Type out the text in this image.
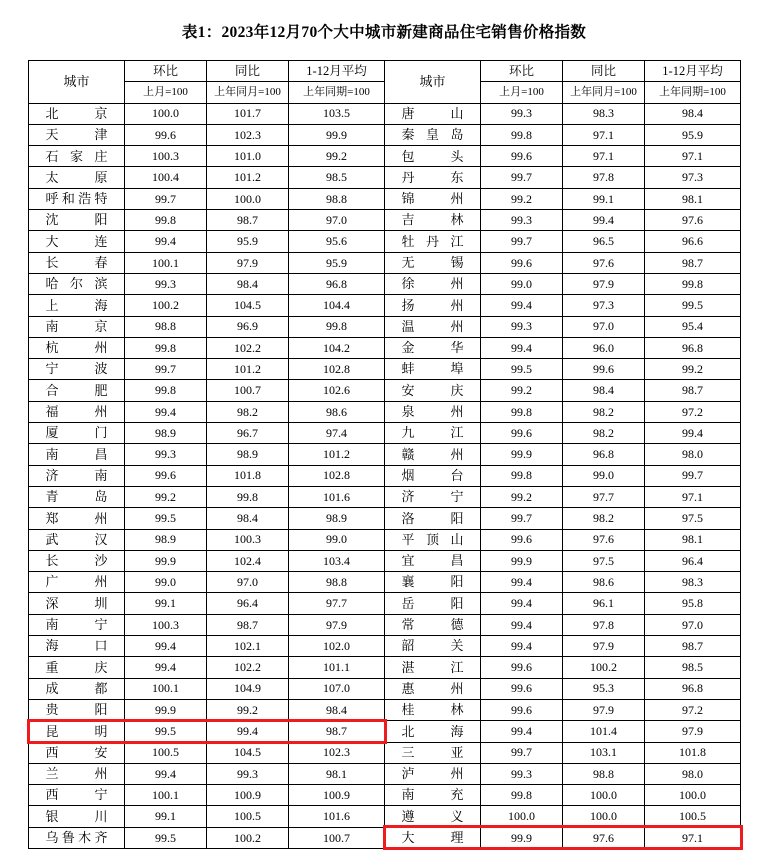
表1：2023年12月70个大中城市新建商品住宅销售价格指数
城市	环比	同比	1-12月平均	城市	环比	同比	1-12月平均
	上月=100	上年同月=100	上年同期=100		上月=100	上年同月=100	上年同期=100
北京	100.0	101.7	103.5	唐山	99.3	98.3	98.4
天津	99.6	102.3	99.9	秦皇岛	99.8	97.1	95.9
石家庄	100.3	101.0	99.2	包头	99.6	97.1	97.1
太原	100.4	101.2	98.5	丹东	99.7	97.8	97.3
呼和浩特	99.7	100.0	98.8	锦州	99.2	99.1	98.1
沈阳	99.8	98.7	97.0	吉林	99.3	99.4	97.6
大连	99.4	95.9	95.6	牡丹江	99.7	96.5	96.6
长春	100.1	97.9	95.9	无锡	99.6	97.6	98.7
哈尔滨	99.3	98.4	96.8	徐州	99.0	97.9	99.8
上海	100.2	104.5	104.4	扬州	99.4	97.3	99.5
南京	98.8	96.9	99.8	温州	99.3	97.0	95.4
杭州	99.8	102.2	104.2	金华	99.4	96.0	96.8
宁波	99.7	101.2	102.8	蚌埠	99.5	99.6	99.2
合肥	99.8	100.7	102.6	安庆	99.2	98.4	98.7
福州	99.4	98.2	98.6	泉州	99.8	98.2	97.2
厦门	98.9	96.7	97.4	九江	99.6	98.2	99.4
南昌	99.3	98.9	101.2	赣州	99.9	96.8	98.0
济南	99.6	101.8	102.8	烟台	99.8	99.0	99.7
青岛	99.2	99.8	101.6	济宁	99.2	97.7	97.1
郑州	99.5	98.4	98.9	洛阳	99.7	98.2	97.5
武汉	98.9	100.3	99.0	平顶山	99.6	97.6	98.1
长沙	99.9	102.4	103.4	宜昌	99.9	97.5	96.4
广州	99.0	97.0	98.8	襄阳	99.4	98.6	98.3
深圳	99.1	96.4	97.7	岳阳	99.4	96.1	95.8
南宁	100.3	98.7	97.9	常德	99.4	97.8	97.0
海口	99.4	102.1	102.0	韶关	99.4	97.9	98.7
重庆	99.4	102.2	101.1	湛江	99.6	100.2	98.5
成都	100.1	104.9	107.0	惠州	99.6	95.3	96.8
贵阳	99.9	99.2	98.4	桂林	99.6	97.9	97.2
昆明	99.5	99.4	98.7	北海	99.4	101.4	97.9
西安	100.5	104.5	102.3	三亚	99.7	103.1	101.8
兰州	99.4	99.3	98.1	泸州	99.3	98.8	98.0
西宁	100.1	100.9	100.9	南充	99.8	100.0	100.0
银川	99.1	100.5	101.6	遵义	100.0	100.0	100.5
乌鲁木齐	99.5	100.2	100.7	大理	99.9	97.6	97.1
